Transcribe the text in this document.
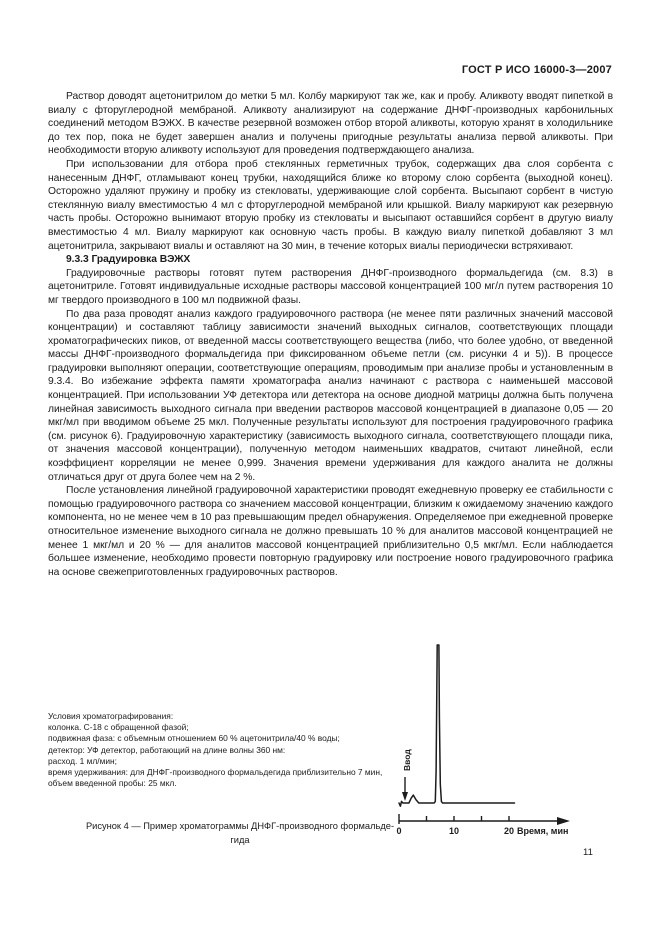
ГОСТ Р ИСО 16000-3—2007

Раствор доводят ацетонитрилом до метки 5 мл. Колбу маркируют так же, как и пробу. Аликвоту вводят пипеткой в виалу с фторуглеродной мембраной. Аликвоту анализируют на содержание ДНФГ-производных карбонильных соединений методом ВЭЖХ. В качестве резервной возможен отбор второй аликвоты, которую хранят в холодильнике до тех пор, пока не будет завершен анализ и получены пригодные результаты анализа первой аликвоты. При необходимости вторую аликвоту используют для проведения подтверждающего анализа.

При использовании для отбора проб стеклянных герметичных трубок, содержащих два слоя сорбента с нанесенным ДНФГ, отламывают конец трубки, находящийся ближе ко второму слою сорбента (выходной конец). Осторожно удаляют пружину и пробку из стекловаты, удерживающие слой сорбента. Высыпают сорбент в чистую стеклянную виалу вместимостью 4 мл с фторуглеродной мембраной или крышкой. Виалу маркируют как резервную часть пробы. Осторожно вынимают вторую пробку из стекловаты и высыпают оставшийся сорбент в другую виалу вместимостью 4 мл. Виалу маркируют как основную часть пробы. В каждую виалу пипеткой добавляют 3 мл ацетонитрила, закрывают виалы и оставляют на 30 мин, в течение которых виалы периодически встряхивают.

9.3.3 Градуировка ВЭЖХ

Градуировочные растворы готовят путем растворения ДНФГ-производного формальдегида (см. 8.3) в ацетонитриле. Готовят индивидуальные исходные растворы массовой концентрацией 100 мг/л путем растворения 10 мг твердого производного в 100 мл подвижной фазы.

По два раза проводят анализ каждого градуировочного раствора (не менее пяти различных значений массовой концентрации) и составляют таблицу зависимости значений выходных сигналов, соответствующих площади хроматографических пиков, от введенной массы соответствующего вещества (либо, что более удобно, от введенной массы ДНФГ-производного формальдегида при фиксированном объеме петли (см. рисунки 4 и 5)). В процессе градуировки выполняют операции, соответствующие операциям, проводимым при анализе пробы и установленным в 9.3.4. Во избежание эффекта памяти хроматографа анализ начинают с раствора с наименьшей массовой концентрацией. При использовании УФ детектора или детектора на основе диодной матрицы должна быть получена линейная зависимость выходного сигнала при введении растворов массовой концентрацией в диапазоне 0,05 — 20 мкг/мл при вводимом объеме 25 мкл. Полученные результаты используют для построения градуировочного графика (см. рисунок 6). Градуировочную характеристику (зависимость выходного сигнала, соответствующего площади пика, от значения массовой концентрации), полученную методом наименьших квадратов, считают линейной, если коэффициент корреляции не менее 0,999. Значения времени удерживания для каждого аналита не должны отличаться друг от друга более чем на 2 %.

После установления линейной градуировочной характеристики проводят ежедневную проверку ее стабильности с помощью градуировочного раствора со значением массовой концентрации, близким к ожидаемому значению каждого компонента, но не менее чем в 10 раз превышающим предел обнаружения. Определяемое при ежедневной проверке относительное изменение выходного сигнала не должно превышать 10 % для аналитов массовой концентрацией не менее 1 мкг/мл и 20 % — для аналитов массовой концентрацией приблизительно 0,5 мкг/мл. Если наблюдается большее изменение, необходимо провести повторную градуировку или построение нового градуировочного графика на основе свежеприготовленных градуировочных растворов.

Условия хроматографирования:
колонка. С-18 с обращенной фазой;
подвижная фаза: с объемным отношением 60 % ацетонитрила/40 % воды;
детектор: УФ детектор, работающий на длине волны 360 нм:
расход. 1 мл/мин;
время удерживания: для ДНФГ-производного формальдегида приблизительно 7 мин,
объем введенной пробы: 25 мкл.
Ввод
0	10	20 Время, мин
Рисунок 4 — Пример хроматограммы ДНФГ-производного формальде-
гида
11
